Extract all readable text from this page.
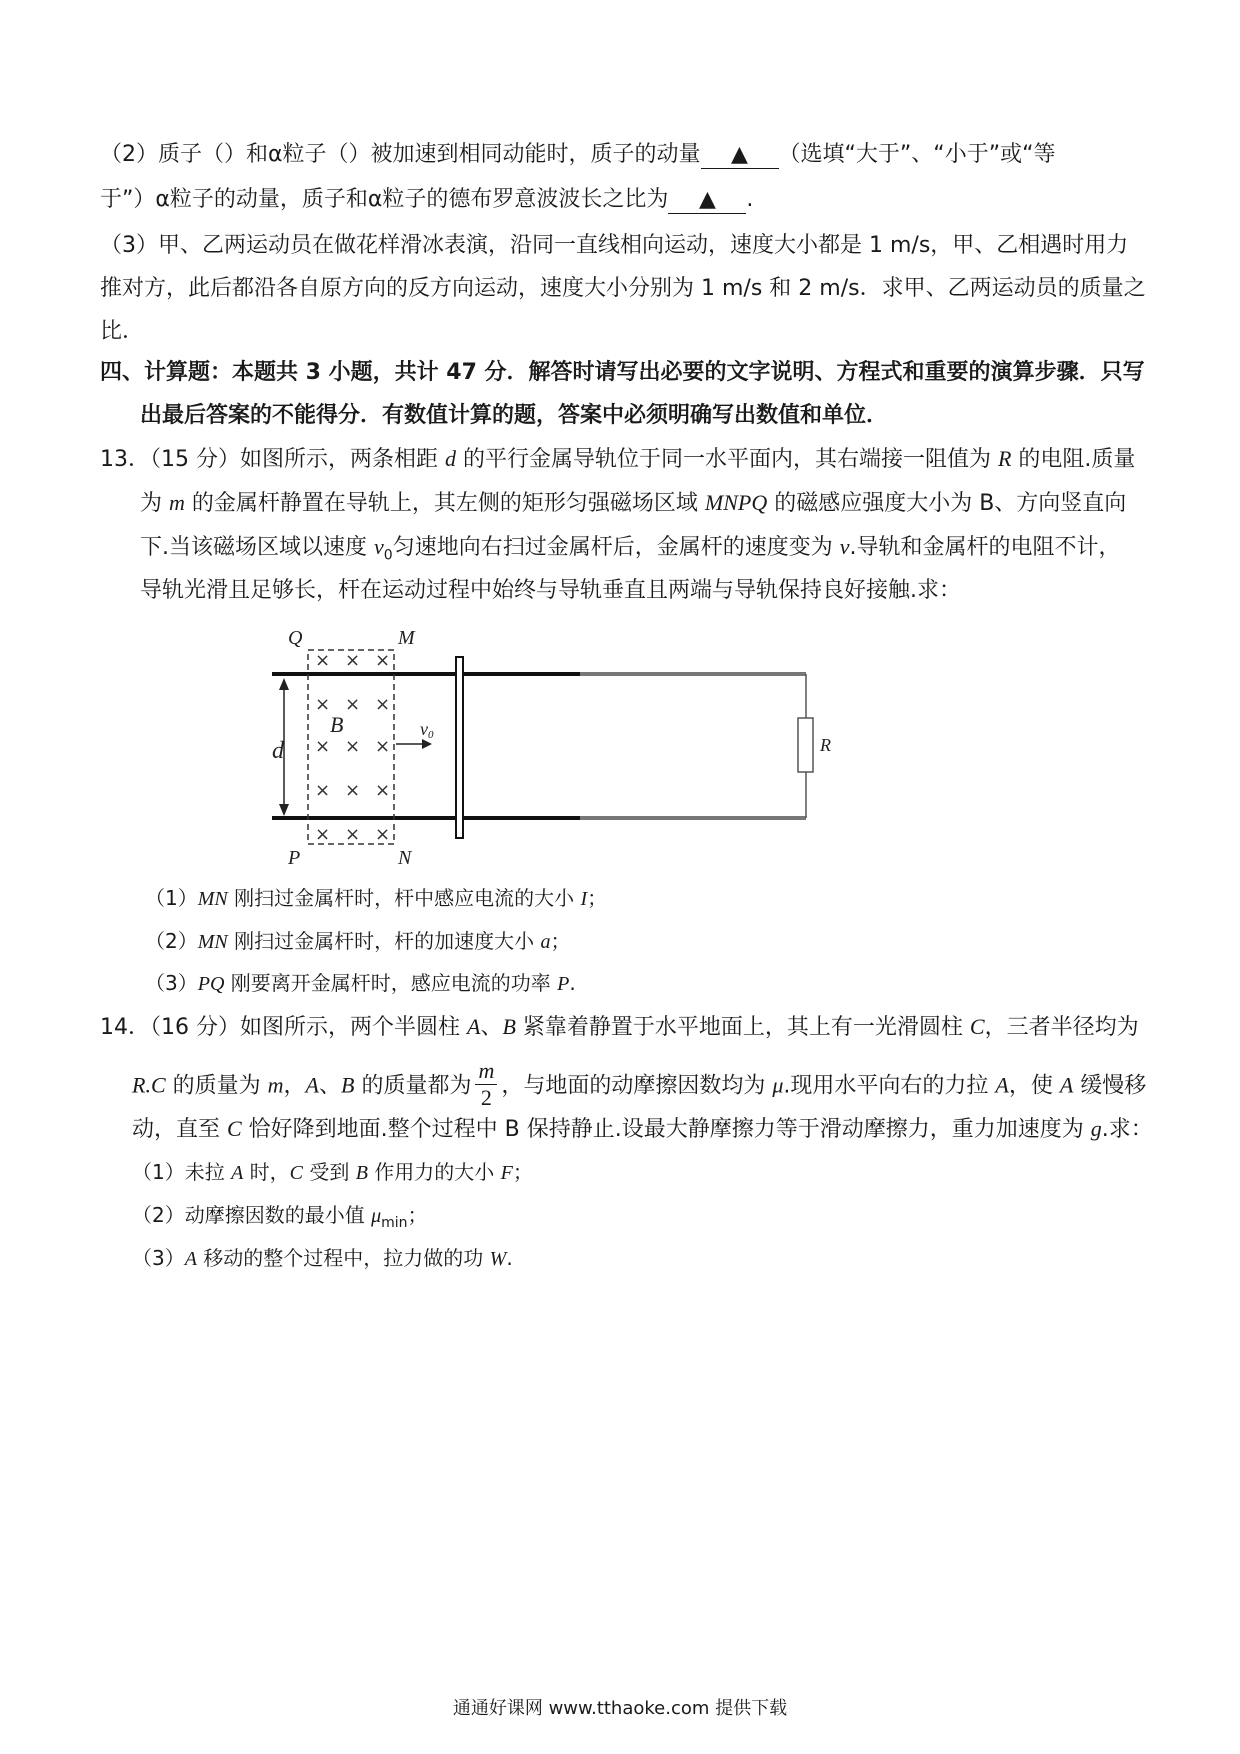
（2）质子（）和α粒子（）被加速到相同动能时，质子的动量 ▲ （选填“大于”、“小于”或“等
于”）α粒子的动量，质子和α粒子的德布罗意波波长之比为 ▲ .
（3）甲、乙两运动员在做花样滑冰表演，沿同一直线相向运动，速度大小都是 1 m/s，甲、乙相遇时用力
推对方，此后都沿各自原方向的反方向运动，速度大小分别为 1 m/s 和 2 m/s．求甲、乙两运动员的质量之
比．
四、计算题：本题共 3 小题，共计 47 分．解答时请写出必要的文字说明、方程式和重要的演算步骤．只写
出最后答案的不能得分．有数值计算的题，答案中必须明确写出数值和单位．
13．（15 分）如图所示，两条相距 d 的平行金属导轨位于同一水平面内，其右端接一阻值为 R 的电阻.质量
为 m 的金属杆静置在导轨上，其左侧的矩形匀强磁场区域 MNPQ 的磁感应强度大小为 B、方向竖直向
下.当该磁场区域以速度 $v_0$匀速地向右扫过金属杆后，金属杆的速度变为 v.导轨和金属杆的电阻不计，
导轨光滑且足够长，杆在运动过程中始终与导轨垂直且两端与导轨保持良好接触.求：
R
Q	M
P	N
× × ×
× × ×
× × ×
× × ×
× × ×
B	v0
d
（1）MN 刚扫过金属杆时，杆中感应电流的大小 I；
（2）MN 刚扫过金属杆时，杆的加速度大小 a；
（3）PQ 刚要离开金属杆时，感应电流的功率 P.
14．（16 分）如图所示，两个半圆柱 A、B 紧靠着静置于水平地面上，其上有一光滑圆柱 C，三者半径均为
R.C 的质量为 m，A、B 的质量都为 $\frac{m}{2}$ ，与地面的动摩擦因数均为 μ.现用水平向右的力拉 A，使 A 缓慢移
动，直至 C 恰好降到地面.整个过程中 B 保持静止.设最大静摩擦力等于滑动摩擦力，重力加速度为 g.求：
（1）未拉 A 时，C 受到 B 作用力的大小 F；
（2）动摩擦因数的最小值 $\mu_{min}$；
（3）A 移动的整个过程中，拉力做的功 W.
通通好课网 www.tthaoke.com 提供下载
